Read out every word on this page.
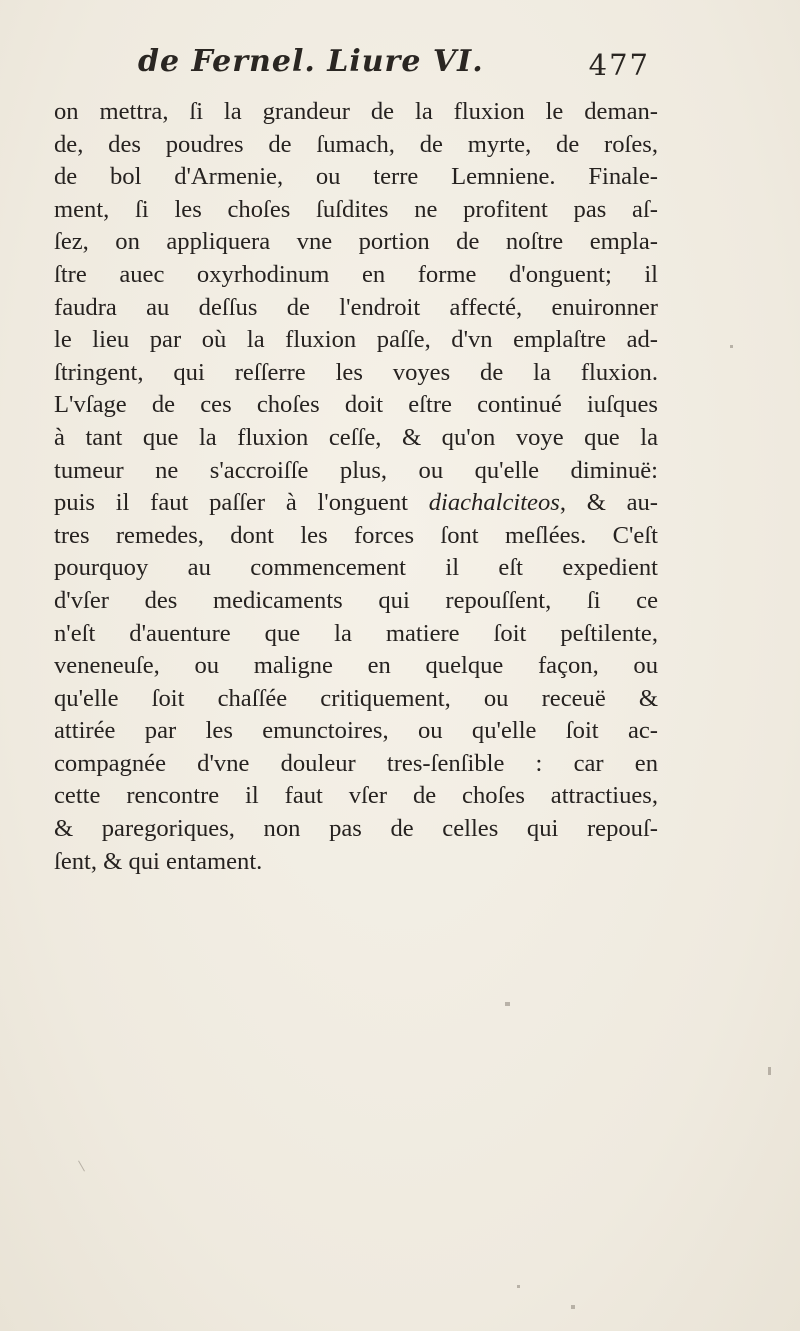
de Fernel. Liure VI.	477
on mettra, ſi la grandeur de la fluxion le deman-
de, des poudres de ſumach, de myrte, de roſes,
de bol d'Armenie, ou terre Lemniene. Finale-
ment, ſi les choſes ſuſdites ne profitent pas aſ-
ſez, on appliquera vne portion de noſtre empla-
ſtre auec oxyrhodinum en forme d'onguent; il
faudra au deſſus de l'endroit affecté, enuironner
le lieu par où la fluxion paſſe, d'vn emplaſtre ad-
ſtringent, qui reſſerre les voyes de la fluxion.
L'vſage de ces choſes doit eſtre continué iuſques
à tant que la fluxion ceſſe, & qu'on voye que la
tumeur ne s'accroiſſe plus, ou qu'elle diminuë:
puis il faut paſſer à l'onguent diachalciteos, & au-
tres remedes, dont les forces ſont meſlées. C'eſt
pourquoy au commencement il eſt expedient
d'vſer des medicaments qui repouſſent, ſi ce
n'eſt d'auenture que la matiere ſoit peſtilente,
veneneuſe, ou maligne en quelque façon, ou
qu'elle ſoit chaſſée critiquement, ou receuë &
attirée par les emunctoires, ou qu'elle ſoit ac-
compagnée d'vne douleur tres-ſenſible : car en
cette rencontre il faut vſer de choſes attractiues,
& paregoriques, non pas de celles qui repouſ-
ſent, & qui entament.
